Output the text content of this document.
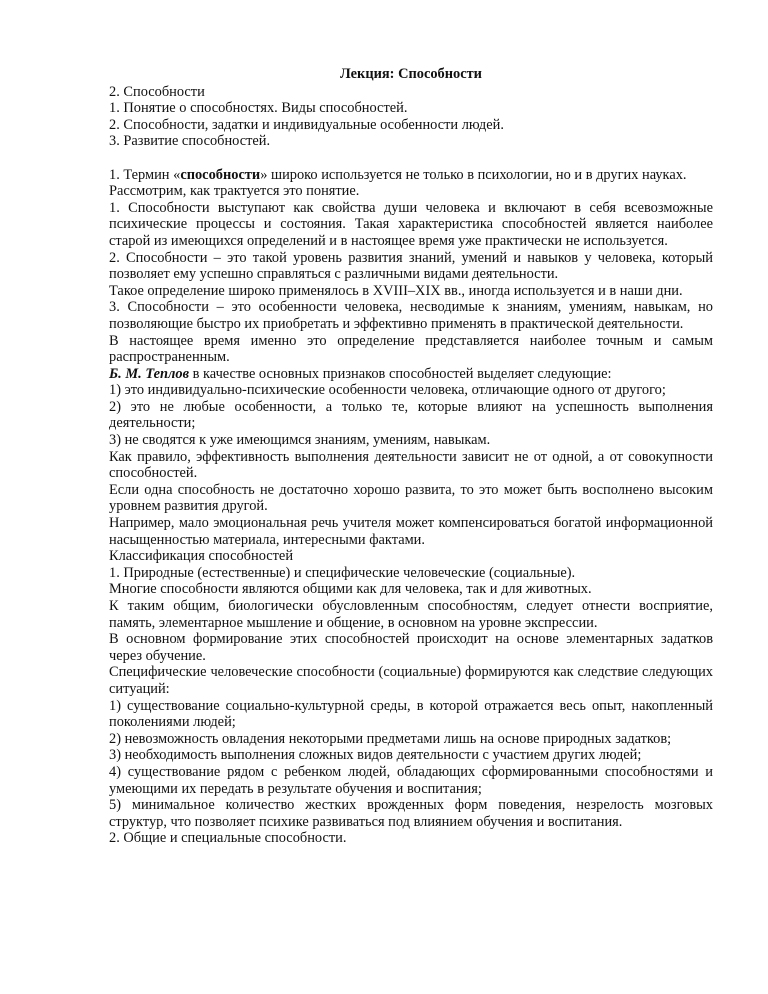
Лекция: Способности

2. Способности

1. Понятие о способностях. Виды способностей.

2. Способности, задатки и индивидуальные особенности людей.

3. Развитие способностей.

1. Термин «способности» широко используется не только в психологии, но и в других науках.

Рассмотрим, как трактуется это понятие.

1. Способности выступают как свойства души человека и включают в себя всевозможные психические процессы и состояния. Такая характеристика способностей является наиболее старой из имеющихся определений и в настоящее время уже практически не используется.

2. Способности – это такой уровень развития знаний, умений и навыков у человека, который позволяет ему успешно справляться с различными видами деятельности.

Такое определение широко применялось в XVIII–XIX вв., иногда используется и в наши дни.

3. Способности – это особенности человека, несводимые к знаниям, умениям, навыкам, но позволяющие быстро их приобретать и эффективно применять в практической деятельности.

В настоящее время именно это определение представляется наиболее точным и самым распространенным.

Б. М. Теплов в качестве основных признаков способностей выделяет следующие:

1) это индивидуально-психические особенности человека, отличающие одного от другого;

2) это не любые особенности, а только те, которые влияют на успешность выполнения деятельности;

3) не сводятся к уже имеющимся знаниям, умениям, навыкам.

Как правило, эффективность выполнения деятельности зависит не от одной, а от совокупности способностей.

Если одна способность не достаточно хорошо развита, то это может быть восполнено высоким уровнем развития другой.

Например, мало эмоциональная речь учителя может компенсироваться богатой информационной насыщенностью материала, интересными фактами.

Классификация способностей

1. Природные (естественные) и специфические человеческие (социальные).

Многие способности являются общими как для человека, так и для животных.

К таким общим, биологически обусловленным способностям, следует отнести восприятие, память, элементарное мышление и общение, в основном на уровне экспрессии.

В основном формирование этих способностей происходит на основе элементарных задатков через обучение.

Специфические человеческие способности (социальные) формируются как следствие следующих ситуаций:

1) существование социально-культурной среды, в которой отражается весь опыт, накопленный поколениями людей;

2) невозможность овладения некоторыми предметами лишь на основе природных задатков;

3) необходимость выполнения сложных видов деятельности с участием других людей;

4) существование рядом с ребенком людей, обладающих сформированными способностями и умеющими их передать в результате обучения и воспитания;

5) минимальное количество жестких врожденных форм поведения, незрелость мозговых структур, что позволяет психике развиваться под влиянием обучения и воспитания.

2. Общие и специальные способности.
